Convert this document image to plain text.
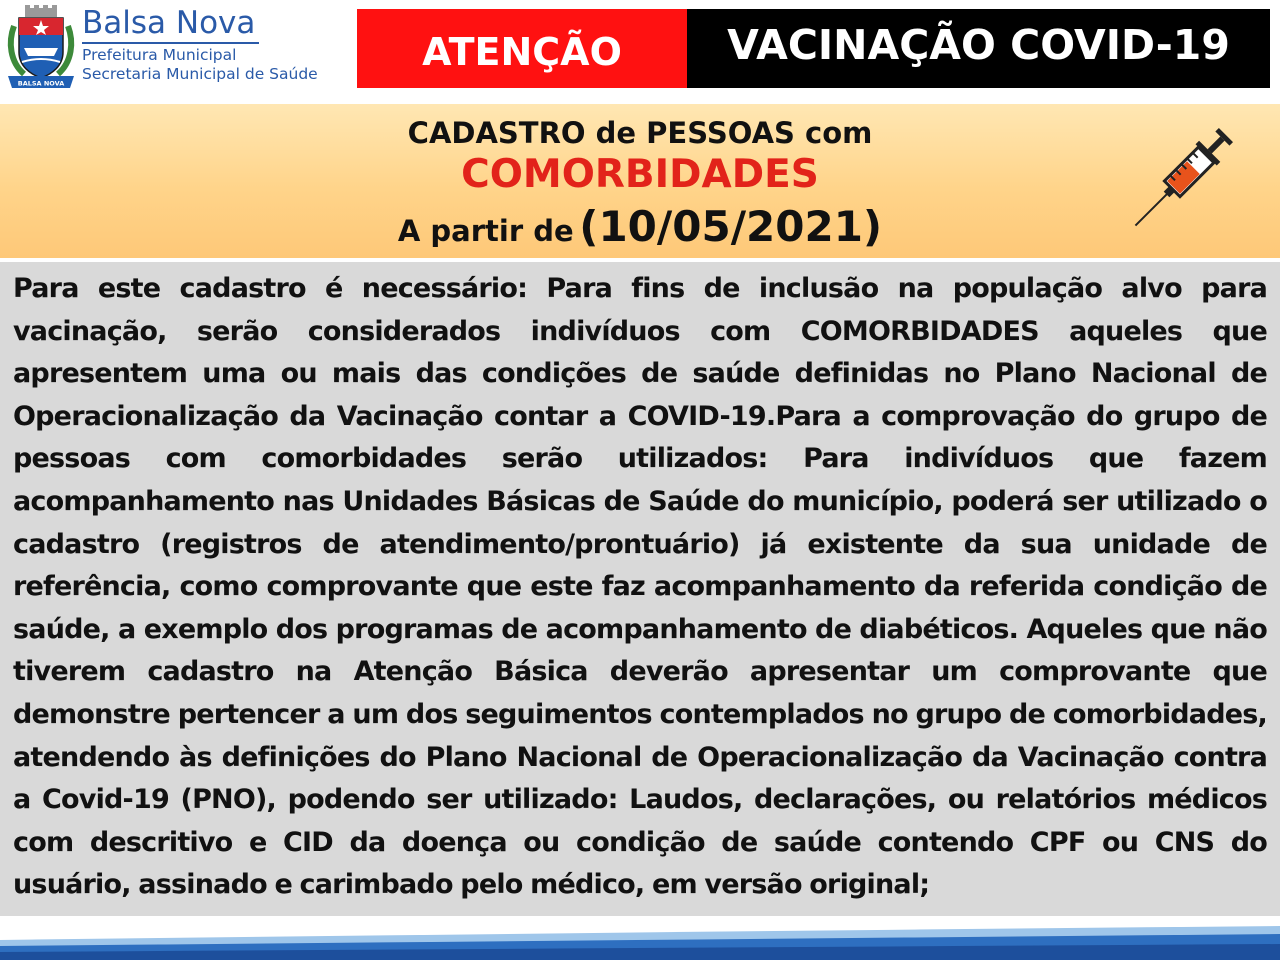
BALSA NOVA
Balsa Nova
Prefeitura Municipal
Secretaria Municipal de Saúde
ATENÇÃO	VACINAÇÃO COVID-19
CADASTRO de PESSOAS com
COMORBIDADES
A partir de (10/05/2021)

Para este cadastro é necessário: Para fins de inclusão na população alvo para vacinação, serão considerados indivíduos com COMORBIDADES aqueles que apresentem uma ou mais das condições de saúde definidas no Plano Nacional de Operacionalização da Vacinação contar a COVID-19.Para a comprovação do grupo de pessoas com comorbidades serão utilizados: Para indivíduos que fazem acompanhamento nas Unidades Básicas de Saúde do município, poderá ser utilizado o cadastro (registros de atendimento/prontuário) já existente da sua unidade de referência, como comprovante que este faz acompanhamento da referida condição de saúde, a exemplo dos programas de acompanhamento de diabéticos. Aqueles que não tiverem cadastro na Atenção Básica deverão apresentar um comprovante que demonstre pertencer a um dos seguimentos contemplados no grupo de comorbidades, atendendo às definições do Plano Nacional de Operacionalização da Vacinação contra a Covid-19 (PNO), podendo ser utilizado: Laudos, declarações, ou relatórios médicos com descritivo e CID da doença ou condição de saúde contendo CPF ou CNS do usuário, assinado e carimbado pelo médico, em versão original;
